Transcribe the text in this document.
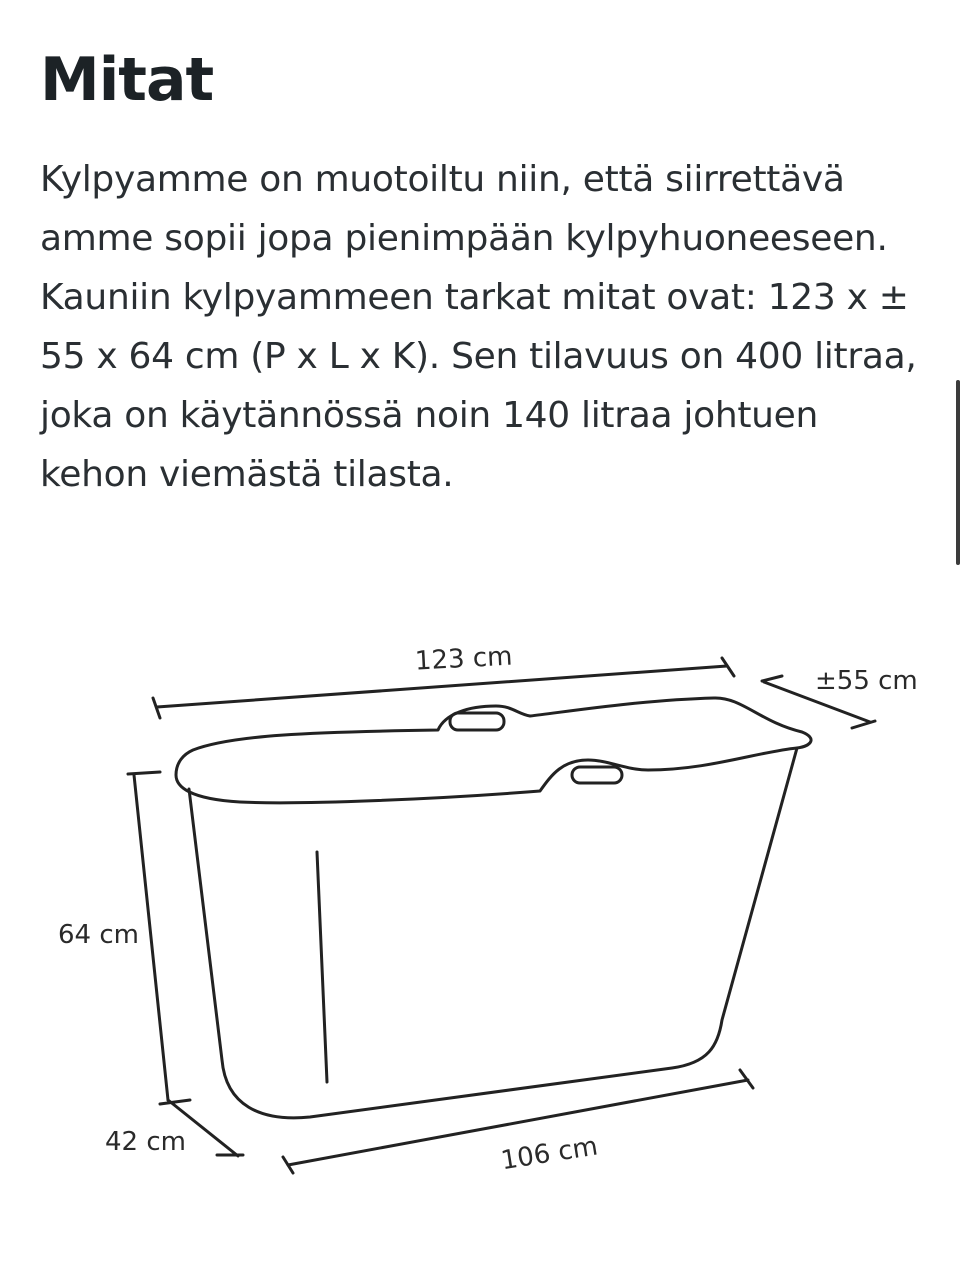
Mitat

Kylpyamme on muotoiltu niin, että siirrettävä amme sopii jopa pienimpään kylpyhuoneeseen. Kauniin kylpyammeen tarkat mitat ovat: 123 x ± 55 x 64 cm (P x L x K). Sen tilavuus on 400 litraa, joka on käytännössä noin 140 litraa johtuen kehon viemästä tilasta.

123 cm
±55 cm
64 cm
42 cm	106 cm
